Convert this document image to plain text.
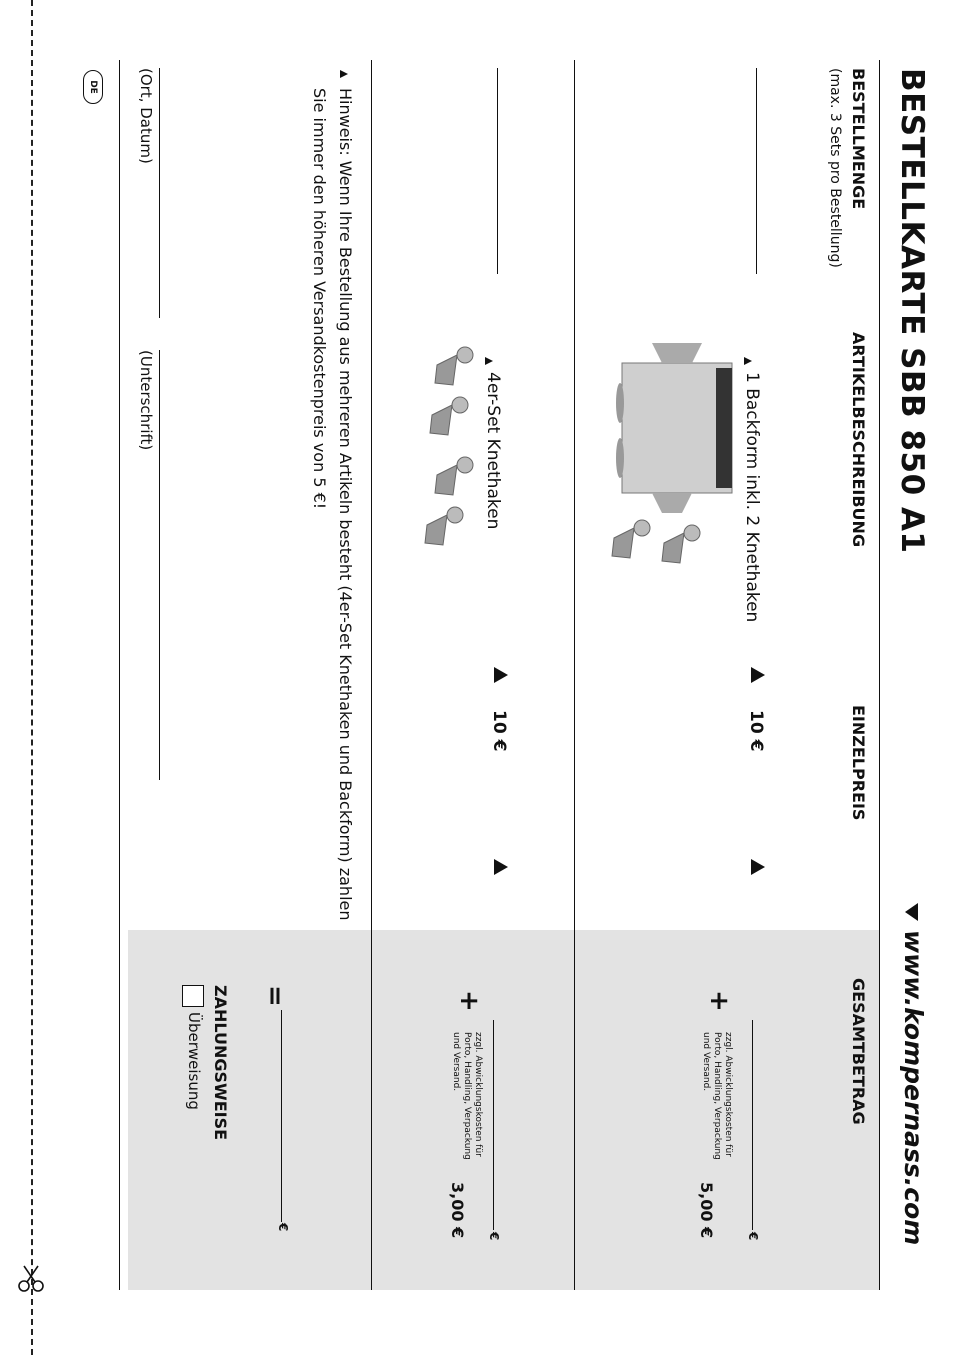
DE	BESTELLKARTE SBB 850 A1
www.kompernass.com
BESTELLMENGE
(max. 3 Sets pro Bestellung)
ARTIKELBESCHREIBUNG
EINZELPREIS
GESAMTBETRAG
1 Backform inkl. 2 Knethaken
10 €
+
zzgl. Abwicklungskosten für Porto, Handling, Verpackung und Versand.
5,00 €	€
4er-Set Knethaken
10 €
+
zzgl. Abwicklungskosten für Porto, Handling, Verpackung und Versand.
3,00 € €
Hinweis: Wenn Ihre Bestellung aus mehreren Artikeln besteht (4er-Set Knethaken und Backform) zahlen Sie immer den höheren Versandkostenpreis von 5 €!
=
€
ZAHLUNGSWEISE
Überweisung
(Ort, Datum)
(Unterschrift)
